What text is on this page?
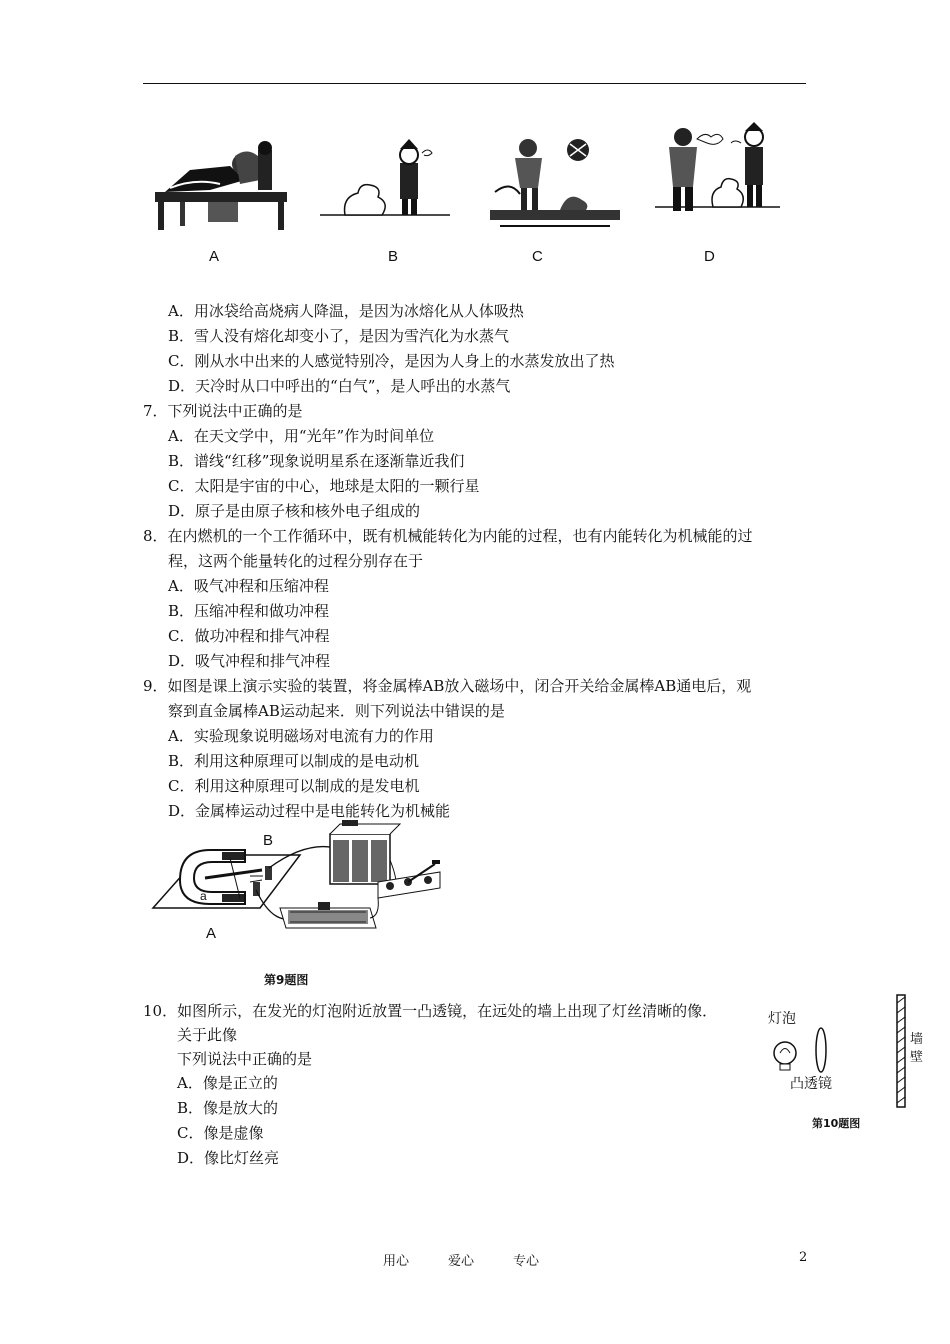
A	B	C	D
A．用冰袋给高烧病人降温，是因为冰熔化从人体吸热
B．雪人没有熔化却变小了，是因为雪汽化为水蒸气
C．刚从水中出来的人感觉特别冷，是因为人身上的水蒸发放出了热
D．天冷时从口中呼出的“白气”，是人呼出的水蒸气
7．下列说法中正确的是
A．在天文学中，用“光年”作为时间单位
B．谱线“红移”现象说明星系在逐渐靠近我们
C．太阳是宇宙的中心，地球是太阳的一颗行星
D．原子是由原子核和核外电子组成的
8．在内燃机的一个工作循环中，既有机械能转化为内能的过程，也有内能转化为机械能的过
程，这两个能量转化的过程分别存在于
A．吸气冲程和压缩冲程
B．压缩冲程和做功冲程
C．做功冲程和排气冲程
D．吸气冲程和排气冲程
9．如图是课上演示实验的装置，将金属棒AB放入磁场中，闭合开关给金属棒AB通电后，观
察到直金属棒AB运动起来．则下列说法中错误的是
A．实验现象说明磁场对电流有力的作用
B．利用这种原理可以制成的是电动机
C．利用这种原理可以制成的是发电机
D．金属棒运动过程中是电能转化为机械能
B
a
A
第9题图
10．如图所示，在发光的灯泡附近放置一凸透镜，在远处的墙上出现了灯丝清晰的像．
关于此像
下列说法中正确的是
A．像是正立的
B．像是放大的
C．像是虚像
D．像比灯丝亮
灯泡
凸透镜
墙
壁
第10题图
用心	爱心	专心	2
